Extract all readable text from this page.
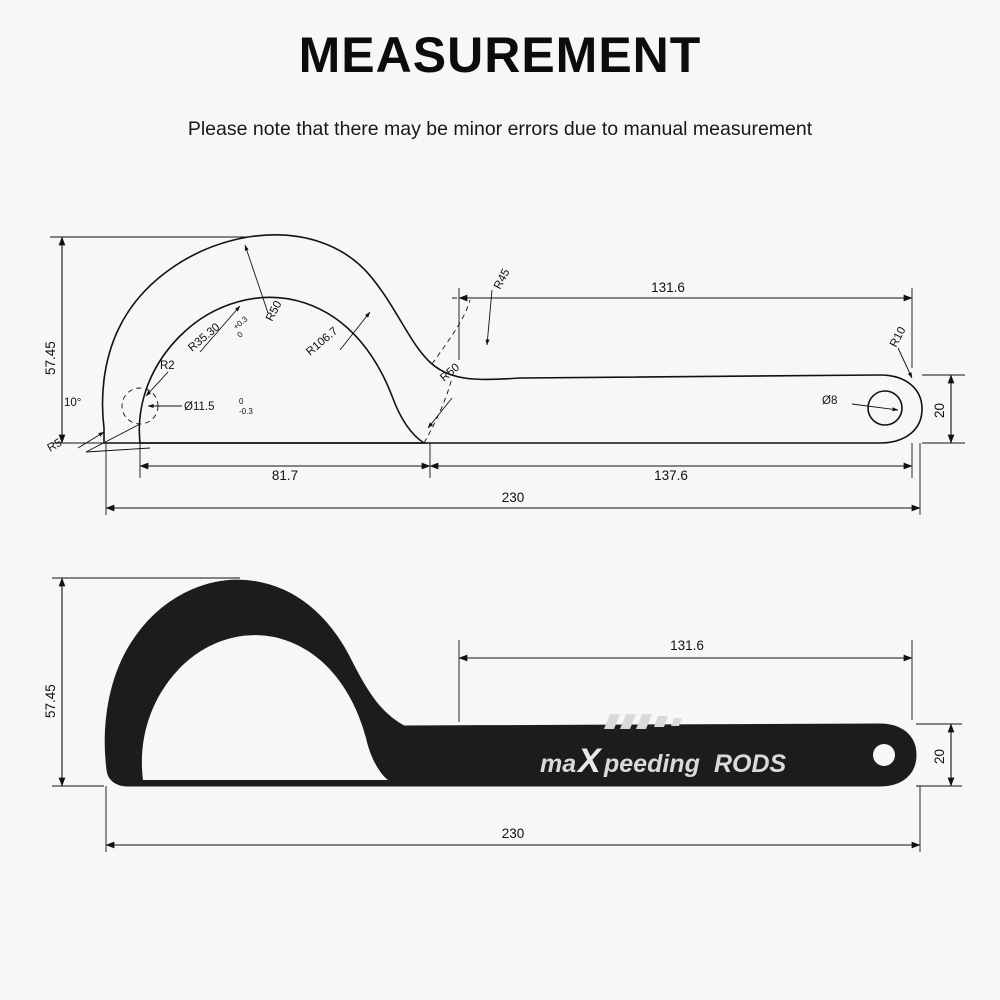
MEASUREMENT
Please note that there may be minor errors due to manual measurement
R50
R35.30 +0.3
0
R2
Ø11.5	0
-0.3
R106.7
R50
R45
R10
Ø8
10°
R5
57.45
20
131.6
81.7	137.6
230
ma X peeding RODS
57.45
131.6
20
230
